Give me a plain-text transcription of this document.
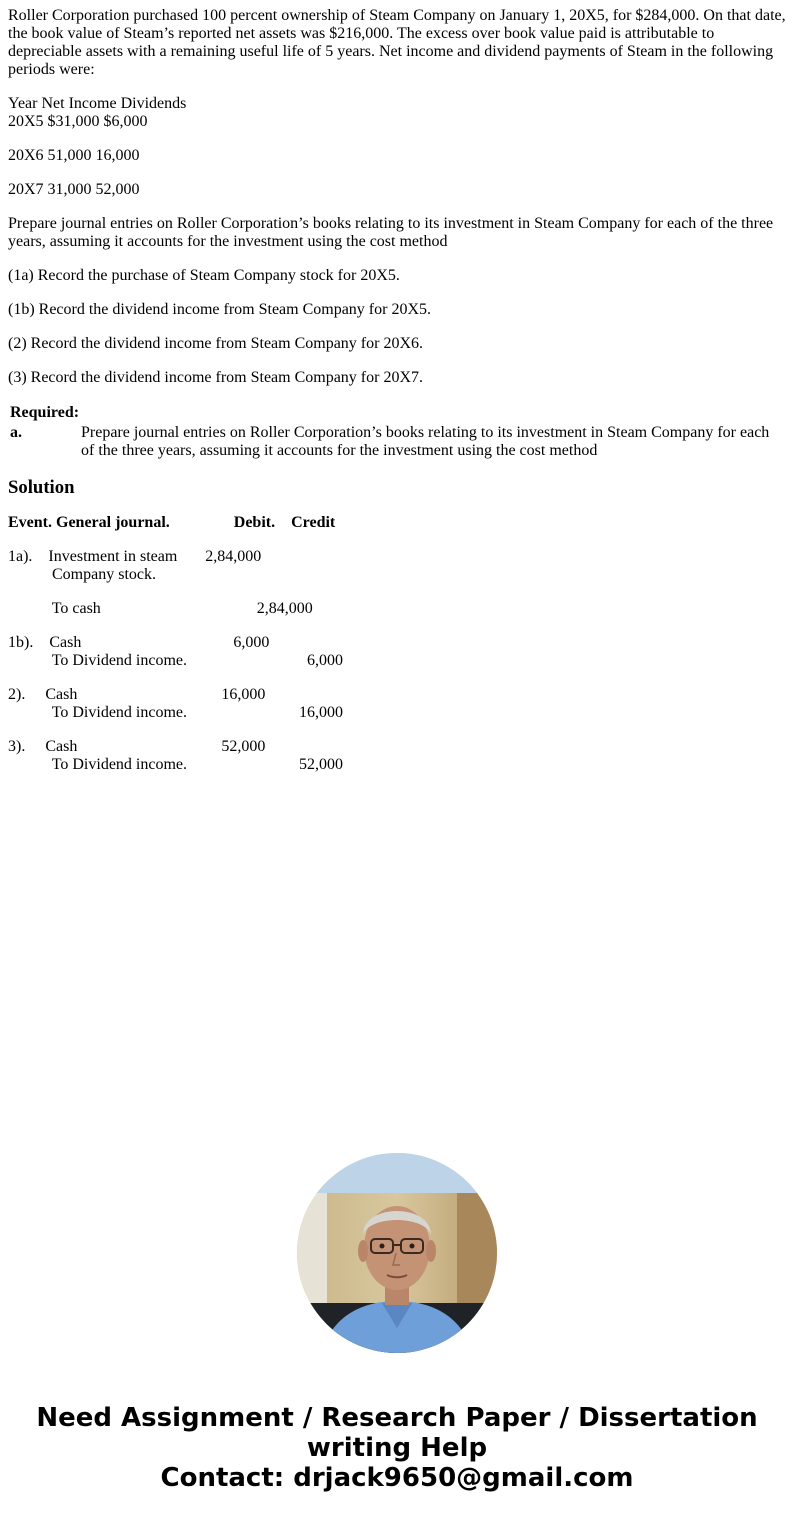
Roller Corporation purchased 100 percent ownership of Steam Company on January 1, 20X5, for $284,000. On that date, the book value of Steam’s reported net assets was $216,000. The excess over book value paid is attributable to depreciable assets with a remaining useful life of 5 years. Net income and dividend payments of Steam in the following periods were:

Year Net Income Dividends
20X5 $31,000 $6,000
20X6 51,000 16,000
20X7 31,000 52,000

Prepare journal entries on Roller Corporation’s books relating to its investment in Steam Company for each of the three years, assuming it accounts for the investment using the cost method

(1a) Record the purchase of Steam Company stock for 20X5.

(1b) Record the dividend income from Steam Company for 20X5.

(2) Record the dividend income from Steam Company for 20X6.

(3) Record the dividend income from Steam Company for 20X7.

Required:
a.	Prepare journal entries on Roller Corporation’s books relating to its investment in Steam Company for each of the three years, assuming it accounts for the investment using the cost method
Solution
Event. General journal.                Debit.    Credit
1a).    Investment in steam       2,84,000
Company stock.
To cash                                       2,84,000
1b).    Cash                                      6,000
To Dividend income.                              6,000
2).     Cash                                    16,000
To Dividend income.                            16,000
3).     Cash                                    52,000
To Dividend income.                            52,000
Need Assignment / Research Paper / Dissertation
writing Help
Contact: drjack9650@gmail.com
